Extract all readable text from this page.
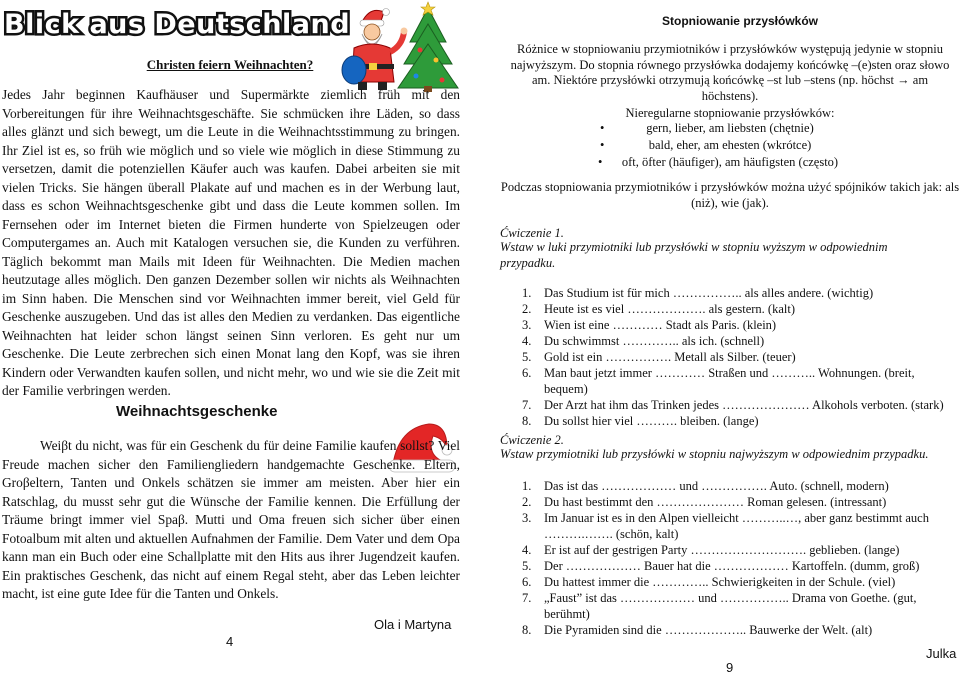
Blick aus Deutschland
Christen feiern Weihnachten?

Jedes Jahr beginnen Kaufhäuser und Supermärkte ziemlich früh mit den Vorbereitungen für ihre Weihnachtsgeschäfte. Sie schmücken ihre Läden, so dass alles glänzt und sich bewegt, um die Leute in die Weihnachtsstimmung zu bringen. Ihr Ziel ist es, so früh wie möglich und so viele wie möglich in diese Stimmung zu versetzen, damit die potenziellen Käufer auch was kaufen. Dabei arbeiten sie mit vielen Tricks. Sie hängen überall Plakate auf und machen es in der Werbung laut, dass es schon Weihnachtsgeschenke gibt und dass die Leute kommen sollen. Im Fernsehen oder im Internet bieten die Firmen hunderte von Spielzeugen oder Computergames an. Auch mit Katalogen versuchen sie, die Kunden zu verführen. Täglich bekommt man Mails mit Ideen für Weihnachten. Die Medien machen heutzutage alles möglich. Den ganzen Dezember sollen wir nichts als Weihnachten im Sinn haben. Die Menschen sind vor Weihnachten immer bereit, viel Geld für Geschenke auszugeben. Und das ist alles den Medien zu verdanken. Das eigentliche Weihnachten hat leider schon längst seinen Sinn verloren. Es geht nur um Geschenke. Die Leute zerbrechen sich einen Monat lang den Kopf, was sie ihren Kindern oder Verwandten kaufen sollen, und nicht mehr, wo und wie sie die Zeit mit der Familie verbringen werden.

Weihnachtsgeschenke
Weiβt du nicht, was für ein Geschenk du für deine Familie kaufen sollst? Viel Freude machen sicher den Familiengliedern handgemachte Geschenke. Eltern, Groβeltern, Tanten und Onkels schätzen sie immer am meisten. Aber hier ein Ratschlag, du musst sehr gut die Wünsche der Familie kennen. Die Erfüllung der Träume bringt immer viel Spaβ. Mutti und Oma freuen sich sicher über einen Fotoalbum mit alten und aktuellen Aufnahmen der Familie. Dem Vater und dem Opa kann man ein Buch oder eine Schallplatte mit den Hits aus ihrer Jugendzeit kaufen. Ein praktisches Geschenk, das nicht auf einem Regal steht, aber das Leben leichter macht, ist eine gute Idee für die Tanten und Onkels.
4
Ola i Martyna
Stopniowanie przysłówków
Różnice w stopniowaniu przymiotników i przysłówków występują jedynie w stopniu najwyższym. Do stopnia równego przysłówka dodajemy końcówkę –(e)sten oraz słowo am. Niektóre przysłówki otrzymują końcówkę –st lub –stens (np. höchst → am
höchstens).
Nieregularne stopniowanie przysłówków:
•	gern, lieber, am liebsten (chętnie)
•	bald, eher, am ehesten (wkrótce)
• oft, öfter (häufiger), am häufigsten (często)
Podczas stopniowania przymiotników i przysłówków można użyć spójników takich jak: als (niż), wie (jak).
Ćwiczenie 1.
Wstaw w luki przymiotniki lub przysłówki w stopniu wyższym w odpowiednim przypadku.
1. Das Studium ist für mich …………….. als alles andere. (wichtig)
2. Heute ist es viel ………………. als gestern. (kalt)
3. Wien ist eine ………… Stadt als Paris. (klein)
4. Du schwimmst ………….. als ich. (schnell)
5. Gold ist ein ……………. Metall als Silber. (teuer)
6. Man baut jetzt immer ………… Straßen und ……….. Wohnungen. (breit, bequem)
7. Der Arzt hat ihm das Trinken jedes ………………… Alkohols verboten. (stark)
8. Du sollst hier viel ………. bleiben. (lange)
Ćwiczenie 2.
Wstaw przymiotniki lub przysłówki w stopniu najwyższym w odpowiednim przypadku.
1. Das ist das ……………… und ……………. Auto. (schnell, modern)
2. Du hast bestimmt den ………………… Roman gelesen. (intressant)
3. Im Januar ist es in den Alpen vielleicht ………..…, aber ganz bestimmt auch ……….……. (schön, kalt)
4. Er ist auf der gestrigen Party ………………………. geblieben. (lange)
5. Der ……………… Bauer hat die ……………… Kartoffeln. (dumm, groß)
6. Du hattest immer die ………….. Schwierigkeiten in der Schule. (viel)
7. „Faust” ist das ……………… und …………….. Drama von Goethe. (gut, berühmt)
8. Die Pyramiden sind die ……………….. Bauwerke der Welt. (alt)
9
Julka
